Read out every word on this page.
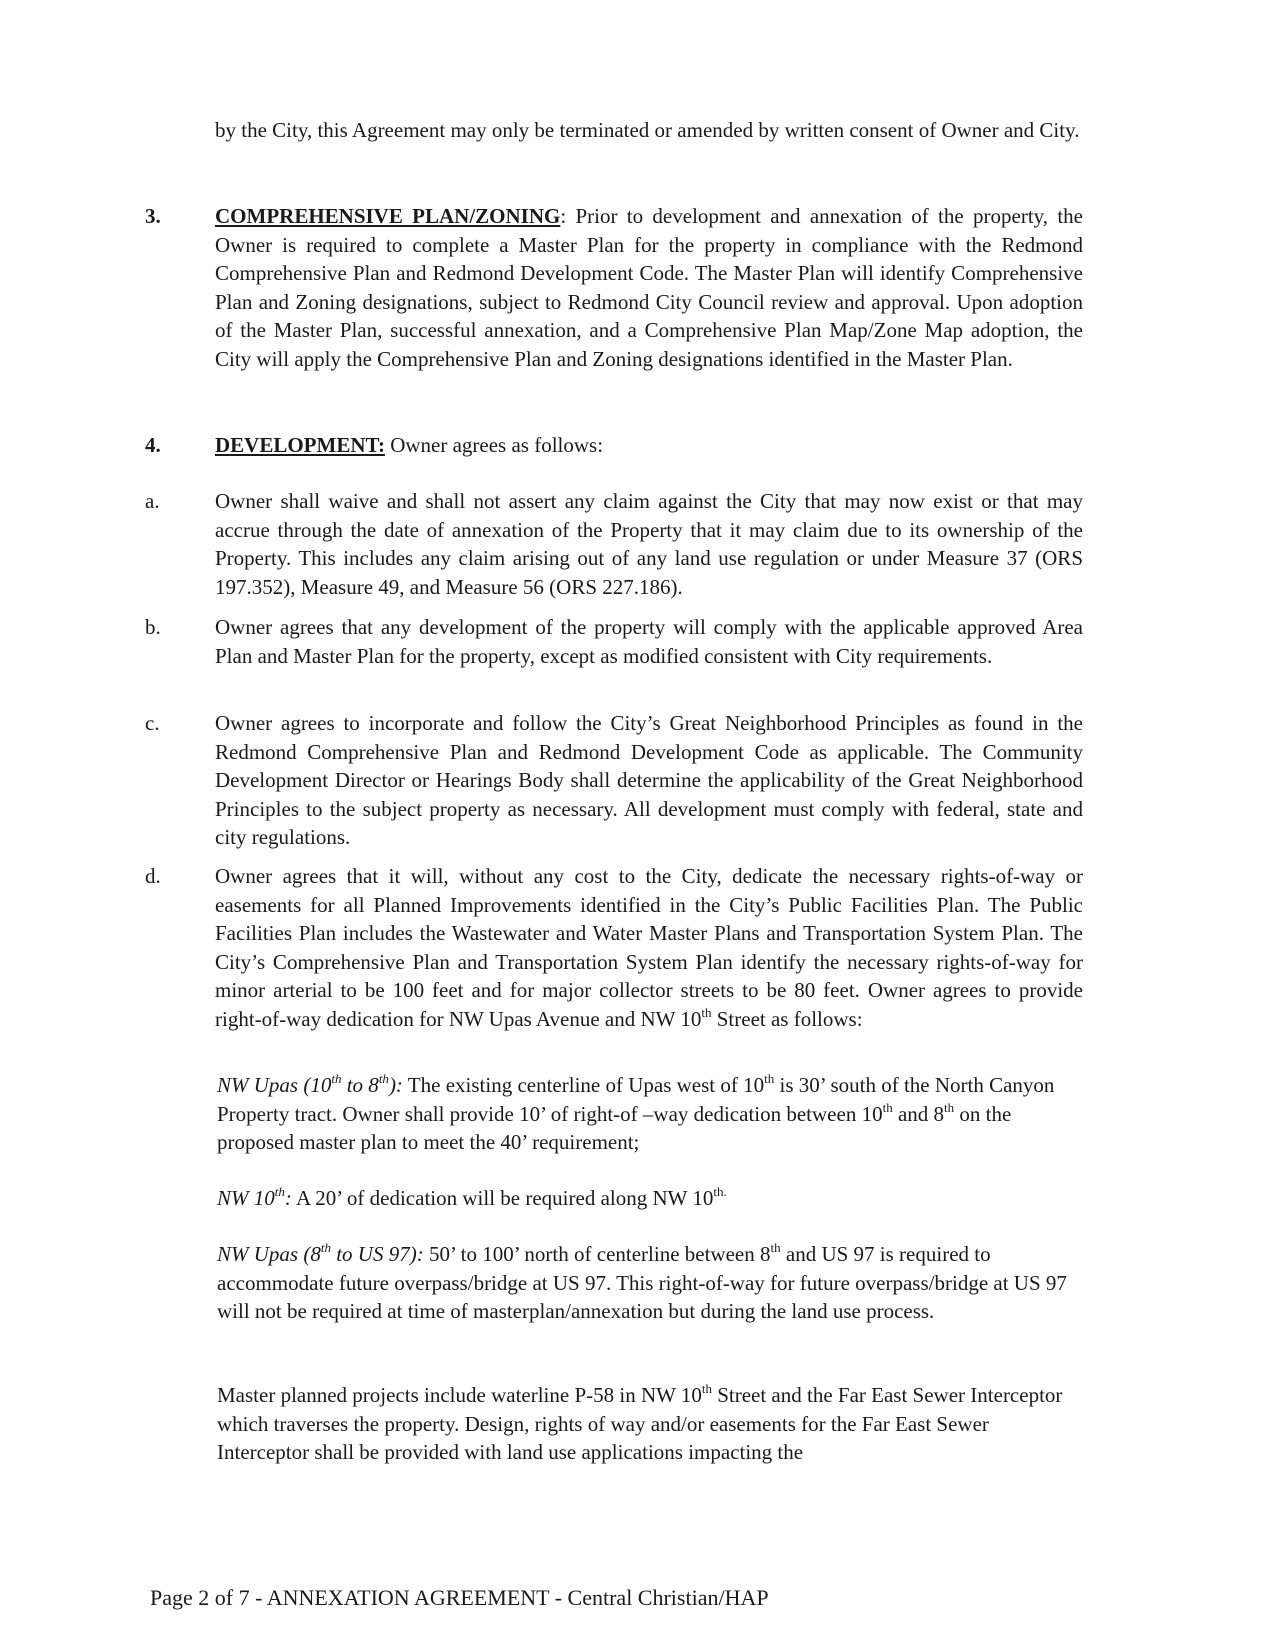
by the City, this Agreement may only be terminated or amended by written consent of Owner and City.

3.	COMPREHENSIVE PLAN/ZONING: Prior to development and annexation of the property, the Owner is required to complete a Master Plan for the property in compliance with the Redmond Comprehensive Plan and Redmond Development Code. The Master Plan will identify Comprehensive Plan and Zoning designations, subject to Redmond City Council review and approval. Upon adoption of the Master Plan, successful annexation, and a Comprehensive Plan Map/Zone Map adoption, the City will apply the Comprehensive Plan and Zoning designations identified in the Master Plan.

4.	DEVELOPMENT: Owner agrees as follows:

a.	Owner shall waive and shall not assert any claim against the City that may now exist or that may accrue through the date of annexation of the Property that it may claim due to its ownership of the Property. This includes any claim arising out of any land use regulation or under Measure 37 (ORS 197.352), Measure 49, and Measure 56 (ORS 227.186).

b.	Owner agrees that any development of the property will comply with the applicable approved Area Plan and Master Plan for the property, except as modified consistent with City requirements.

c.	Owner agrees to incorporate and follow the City’s Great Neighborhood Principles as found in the Redmond Comprehensive Plan and Redmond Development Code as applicable. The Community Development Director or Hearings Body shall determine the applicability of the Great Neighborhood Principles to the subject property as necessary. All development must comply with federal, state and city regulations.

d.	Owner agrees that it will, without any cost to the City, dedicate the necessary rights-of-way or easements for all Planned Improvements identified in the City’s Public Facilities Plan. The Public Facilities Plan includes the Wastewater and Water Master Plans and Transportation System Plan. The City’s Comprehensive Plan and Transportation System Plan identify the necessary rights-of-way for minor arterial to be 100 feet and for major collector streets to be 80 feet. Owner agrees to provide right-of-way dedication for NW Upas Avenue and NW 10th Street as follows:

NW Upas (10th to 8th): The existing centerline of Upas west of 10th is 30’ south of the North Canyon Property tract. Owner shall provide 10’ of right-of –way dedication between 10th and 8th on the proposed master plan to meet the 40’ requirement;

NW 10th: A 20’ of dedication will be required along NW $10^{th.}$

NW Upas (8th to US 97): 50’ to 100’ north of centerline between 8th and US 97 is required to accommodate future overpass/bridge at US 97. This right-of-way for future overpass/bridge at US 97 will not be required at time of masterplan/annexation but during the land use process.

Master planned projects include waterline P-58 in NW 10th Street and the Far East Sewer Interceptor which traverses the property. Design, rights of way and/or easements for the Far East Sewer Interceptor shall be provided with land use applications impacting the

Page 2 of 7 - ANNEXATION AGREEMENT - Central Christian/HAP
